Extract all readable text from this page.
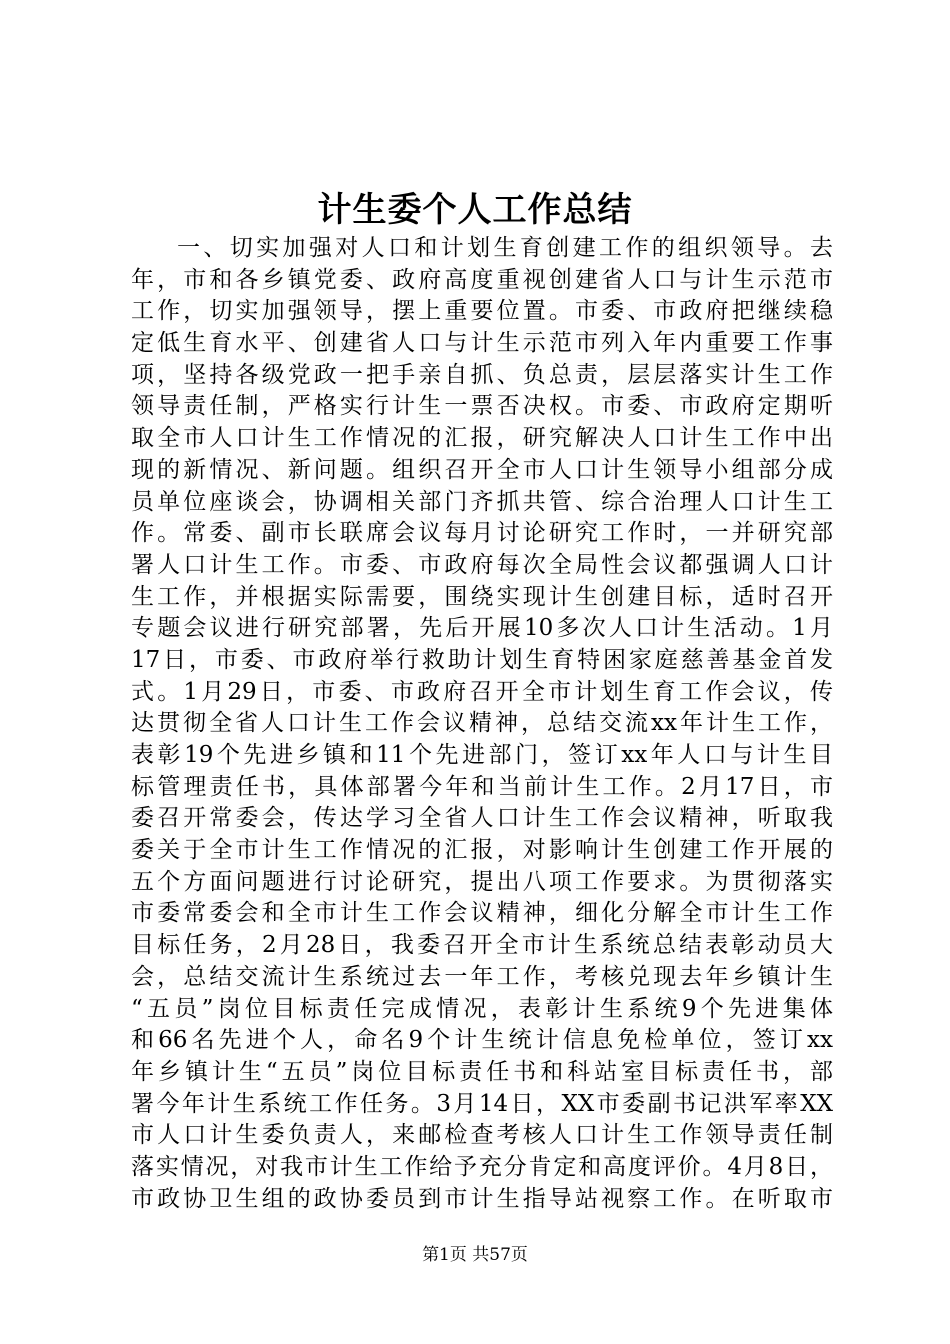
计生委个人工作总结
一、切实加强对人口和计划生育创建工作的组织领导。去
年，市和各乡镇党委、政府高度重视创建省人口与计生示范市
工作，切实加强领导，摆上重要位置。市委、市政府把继续稳
定低生育水平、创建省人口与计生示范市列入年内重要工作事
项，坚持各级党政一把手亲自抓、负总责，层层落实计生工作
领导责任制，严格实行计生一票否决权。市委、市政府定期听
取全市人口计生工作情况的汇报，研究解决人口计生工作中出
现的新情况、新问题。组织召开全市人口计生领导小组部分成
员单位座谈会，协调相关部门齐抓共管、综合治理人口计生工
作。常委、副市长联席会议每月讨论研究工作时，一并研究部
署人口计生工作。市委、市政府每次全局性会议都强调人口计
生工作，并根据实际需要，围绕实现计生创建目标，适时召开
专题会议进行研究部署，先后开展10多次人口计生活动。1月
17日，市委、市政府举行救助计划生育特困家庭慈善基金首发
式。1月29日，市委、市政府召开全市计划生育工作会议，传
达贯彻全省人口计生工作会议精神，总结交流xx年计生工作，
表彰19个先进乡镇和11个先进部门，签订xx年人口与计生目
标管理责任书，具体部署今年和当前计生工作。2月17日，市
委召开常委会，传达学习全省人口计生工作会议精神，听取我
委关于全市计生工作情况的汇报，对影响计生创建工作开展的
五个方面问题进行讨论研究，提出八项工作要求。为贯彻落实
市委常委会和全市计生工作会议精神，细化分解全市计生工作
目标任务，2月28日，我委召开全市计生系统总结表彰动员大
会，总结交流计生系统过去一年工作，考核兑现去年乡镇计生
“五员”岗位目标责任完成情况，表彰计生系统9个先进集体
和66名先进个人，命名9个计生统计信息免检单位，签订xx
年乡镇计生“五员”岗位目标责任书和科站室目标责任书，部
署今年计生系统工作任务。3月14日，XX市委副书记洪军率XX
市人口计生委负责人，来邮检查考核人口计生工作领导责任制
落实情况，对我市计生工作给予充分肯定和高度评价。4月8日，
市政协卫生组的政协委员到市计生指导站视察工作。在听取市
第1页 共57页
